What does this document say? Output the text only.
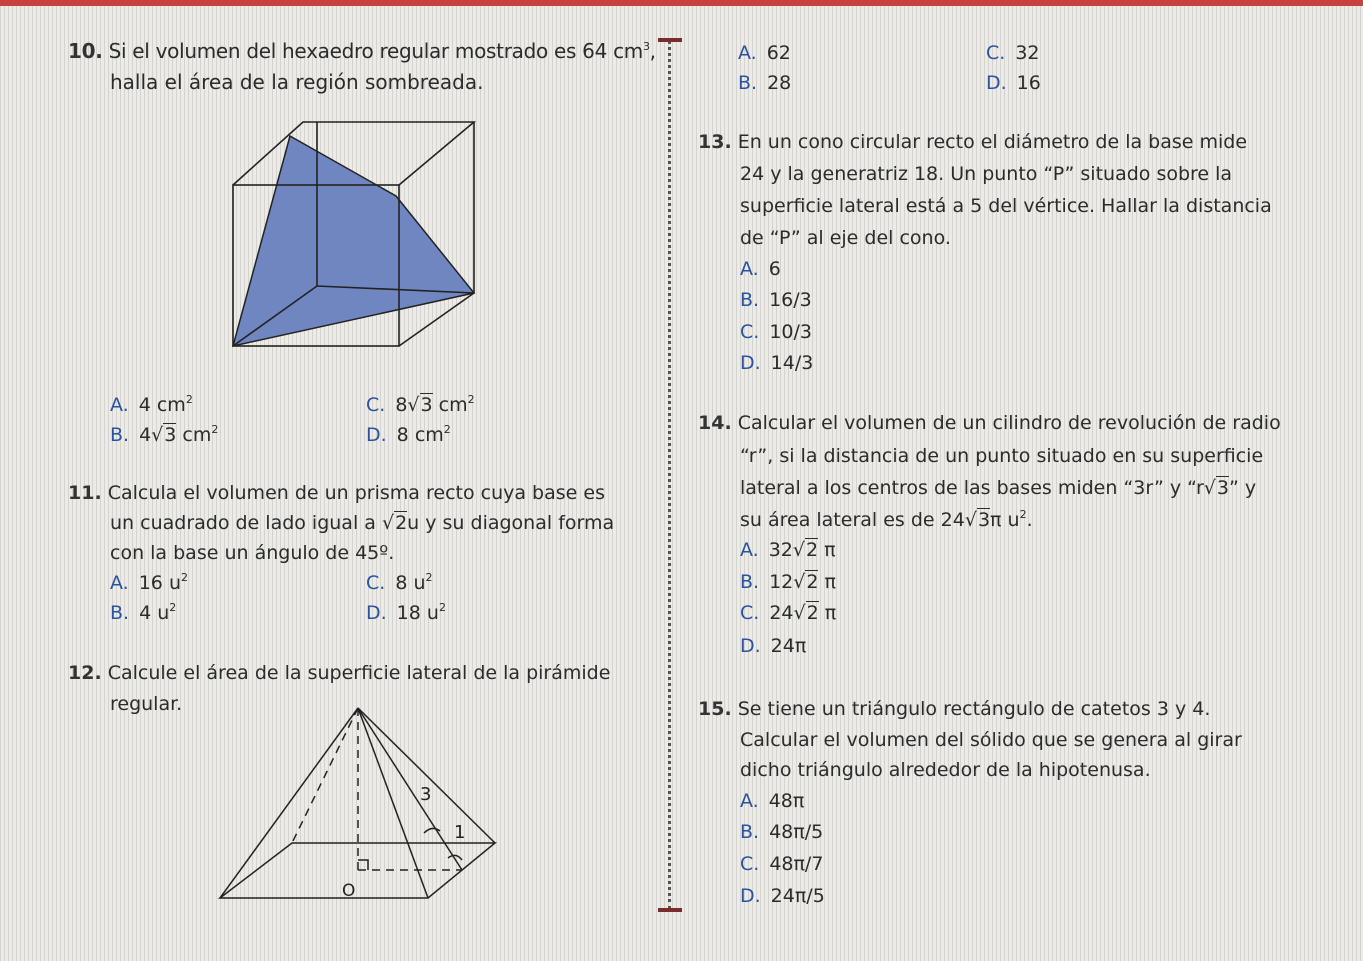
10. Si el volumen del hexaedro regular mostrado es 64 $cm^3$,
halla el área de la región sombreada.
A. 4 $cm^2$
B. 4√3 $cm^2$
C. 8√3 $cm^2$
D. 8 $cm^2$
11. Calcula el volumen de un prisma recto cuya base es
un cuadrado de lado igual a √2u y su diagonal forma
con la base un ángulo de 45º.
A. 16 $u^2$
B. 4 $u^2$
C. 8 $u^2$
D. 18 $u^2$
12. Calcule el área de la superficie lateral de la pirámide
regular.
3
1
O
A. 62
B. 28
C. 32
D. 16
13. En un cono circular recto el diámetro de la base mide
24 y la generatriz 18. Un punto “P” situado sobre la
superficie lateral está a 5 del vértice. Hallar la distancia
de “P” al eje del cono.
A. 6
B. 16/3
C. 10/3
D. 14/3
14. Calcular el volumen de un cilindro de revolución de radio
“r”, si la distancia de un punto situado en su superficie
lateral a los centros de las bases miden “3r” y “r√3” y
su área lateral es de 24√3π $u^2$.
A. 32√2 π
B. 12√2 π
C. 24√2 π
D. 24π
15. Se tiene un triángulo rectángulo de catetos 3 y 4.
Calcular el volumen del sólido que se genera al girar
dicho triángulo alrededor de la hipotenusa.
A. 48π
B. 48π/5
C. 48π/7
D. 24π/5
